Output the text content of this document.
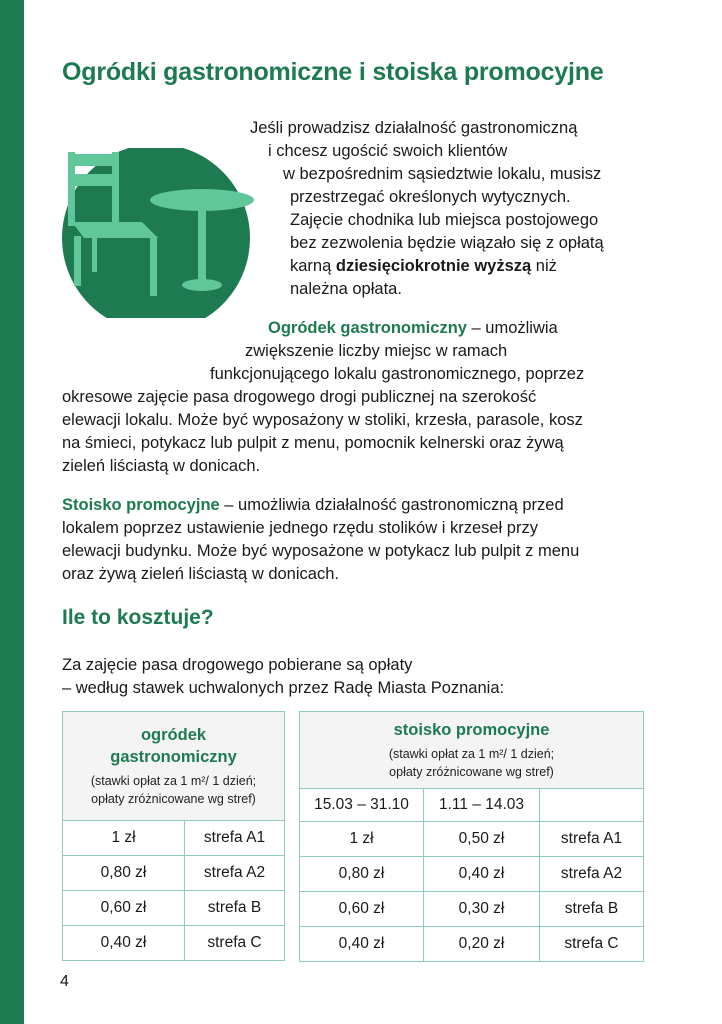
Ogródki gastronomiczne i stoiska promocyjne

Jeśli prowadzisz działalność gastronomiczną

i chcesz ugościć swoich klientów

w bezpośrednim sąsiedztwie lokalu, musisz

przestrzegać określonych wytycznych.

Zajęcie chodnika lub miejsca postojowego

bez zezwolenia będzie wiązało się z opłatą

karną dziesięciokrotnie wyższą niż

należna opłata.

Ogródek gastronomiczny – umożliwia

zwiększenie liczby miejsc w ramach

funkcjonującego lokalu gastronomicznego, poprzez

okresowe zajęcie pasa drogowego drogi publicznej na szerokość

elewacji lokalu. Może być wyposażony w stoliki, krzesła, parasole, kosz

na śmieci, potykacz lub pulpit z menu, pomocnik kelnerski oraz żywą

zieleń liściastą w donicach.

Stoisko promocyjne – umożliwia działalność gastronomiczną przed

lokalem poprzez ustawienie jednego rzędu stolików i krzeseł przy

elewacji budynku. Może być wyposażone w potykacz lub pulpit z menu

oraz żywą zieleń liściastą w donicach.

Ile to kosztuje?

Za zajęcie pasa drogowego pobierane są opłaty

– według stawek uchwalonych przez Radę Miasta Poznania:

ogródek
gastronomiczny
(stawki opłat za 1 m²/ 1 dzień;
opłaty zróżnicowane wg stref)	

1 zł	strefa A1
0,80 zł	strefa A2
0,60 zł	strefa B
0,40 zł	strefa C
stoisko promocyjne
(stawki opłat za 1 m²/ 1 dzień;
opłaty zróżnicowane wg stref)		

15.03 – 31.10	1.11 – 14.03	
1 zł	0,50 zł	strefa A1
0,80 zł	0,40 zł	strefa A2
0,60 zł	0,30 zł	strefa B
0,40 zł	0,20 zł	strefa C

4
